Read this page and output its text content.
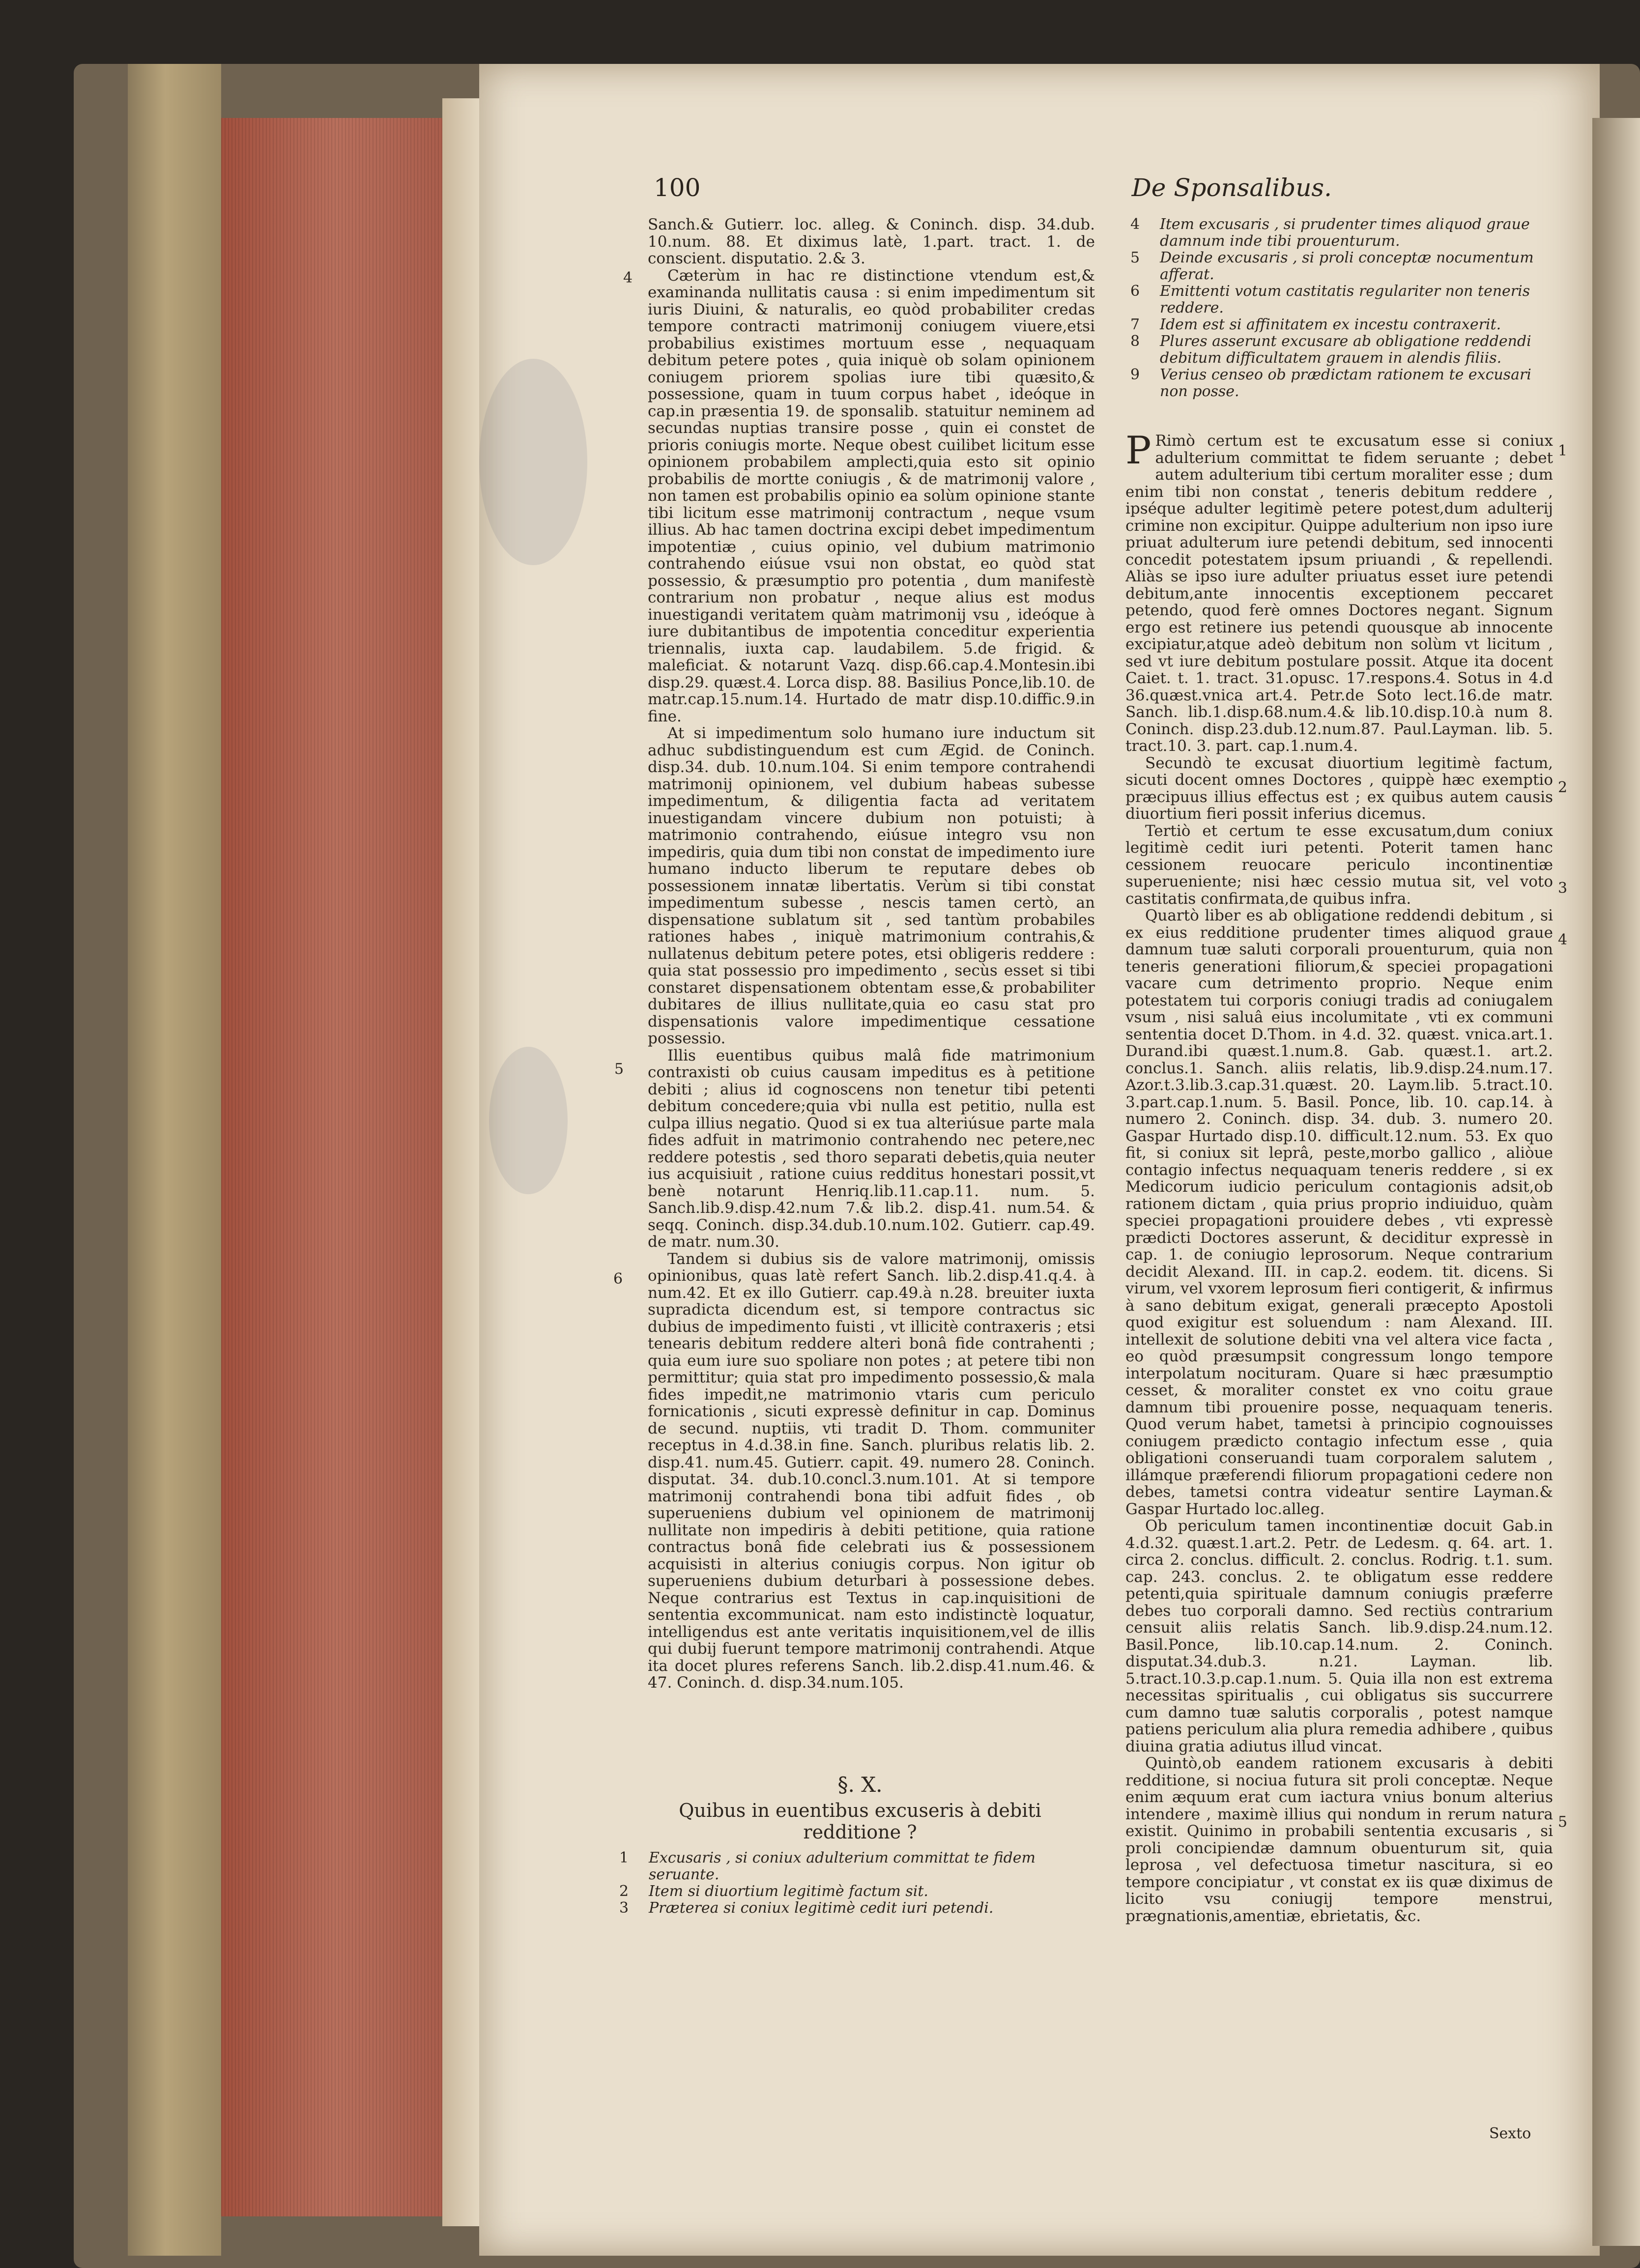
100	De Sponsalibus.

Sanch.& Gutierr. loc. alleg. & Coninch. disp. 34.dub. 10.num. 88. Et diximus latè, 1.part. tract. 1. de conscient. disputatio. 2.& 3.

Cæterùm in hac re distinctione vtendum est,& examinanda nullitatis causa : si enim impedimentum sit iuris Diuini, & naturalis, eo quòd probabiliter credas tempore contracti matrimonij coniugem viuere,etsi probabilius existimes mortuum esse , nequaquam debitum petere potes , quia iniquè ob solam opinionem coniugem priorem spolias iure tibi quæsito,& possessione, quam in tuum corpus habet , ideóque in cap.in præsentia 19. de sponsalib. statuitur neminem ad secundas nuptias transire posse , quin ei constet de prioris coniugis morte. Neque obest cuilibet licitum esse opinionem probabilem amplecti,quia esto sit opinio probabilis de mortte coniugis , & de matrimonij valore , non tamen est probabilis opinio ea solùm opinione stante tibi licitum esse matrimonij contractum , neque vsum illius. Ab hac tamen doctrina excipi debet impedimentum impotentiæ , cuius opinio, vel dubium matrimonio contrahendo eiúsue vsui non obstat, eo quòd stat possessio, & præsumptio pro potentia , dum manifestè contrarium non probatur , neque alius est modus inuestigandi veritatem quàm matrimonij vsu , ideóque à iure dubitantibus de impotentia conceditur experientia triennalis, iuxta cap. laudabilem. 5.de frigid. & maleficiat. & notarunt Vazq. disp.66.cap.4.Montesin.ibi disp.29. quæst.4. Lorca disp. 88. Basilius Ponce,lib.10. de matr.cap.15.num.14. Hurtado de matr disp.10.diffic.9.in fine.

At si impedimentum solo humano iure inductum sit adhuc subdistinguendum est cum Ægid. de Coninch. disp.34. dub. 10.num.104. Si enim tempore contrahendi matrimonij opinionem, vel dubium habeas subesse impedimentum, & diligentia facta ad veritatem inuestigandam vincere dubium non potuisti; à matrimonio contrahendo, eiúsue integro vsu non impediris, quia dum tibi non constat de impedimento iure humano inducto liberum te reputare debes ob possessionem innatæ libertatis. Verùm si tibi constat impedimentum subesse , nescis tamen certò, an dispensatione sublatum sit , sed tantùm probabiles rationes habes , iniquè matrimonium contrahis,& nullatenus debitum petere potes, etsi obligeris reddere : quia stat possessio pro impedimento , secùs esset si tibi constaret dispensationem obtentam esse,& probabiliter dubitares de illius nullitate,quia eo casu stat pro dispensationis valore impedimentique cessatione possessio.

Illis euentibus quibus malâ fide matrimonium contraxisti ob cuius causam impeditus es à petitione debiti ; alius id cognoscens non tenetur tibi petenti debitum concedere;quia vbi nulla est petitio, nulla est culpa illius negatio. Quod si ex tua alteriúsue parte mala fides adfuit in matrimonio contrahendo nec petere,nec reddere potestis , sed thoro separati debetis,quia neuter ius acquisiuit , ratione cuius redditus honestari possit,vt benè notarunt Henriq.lib.11.cap.11. num. 5. Sanch.lib.9.disp.42.num 7.& lib.2. disp.41. num.54. & seqq. Coninch. disp.34.dub.10.num.102. Gutierr. cap.49. de matr. num.30.

Tandem si dubius sis de valore matrimonij, omissis opinionibus, quas latè refert Sanch. lib.2.disp.41.q.4. à num.42. Et ex illo Gutierr. cap.49.à n.28. breuiter iuxta supradicta dicendum est, si tempore contractus sic dubius de impedimento fuisti , vt illicitè contraxeris ; etsi tenearis debitum reddere alteri bonâ fide contrahenti ; quia eum iure suo spoliare non potes ; at petere tibi non permittitur; quia stat pro impedimento possessio,& mala fides impedit,ne matrimonio vtaris cum periculo fornicationis , sicuti expressè definitur in cap. Dominus de secund. nuptiis, vti tradit D. Thom. communiter receptus in 4.d.38.in fine. Sanch. pluribus relatis lib. 2. disp.41. num.45. Gutierr. capit. 49. numero 28. Coninch. disputat. 34. dub.10.concl.3.num.101. At si tempore matrimonij contrahendi bona tibi adfuit fides , ob superueniens dubium vel opinionem de matrimonij nullitate non impediris à debiti petitione, quia ratione contractus bonâ fide celebrati ius & possessionem acquisisti in alterius coniugis corpus. Non igitur ob superueniens dubium deturbari à possessione debes. Neque contrarius est Textus in cap.inquisitioni de sententia excommunicat. nam esto indistinctè loquatur, intelligendus est ante veritatis inquisitionem,vel de illis qui dubij fuerunt tempore matrimonij contrahendi. Atque ita docet plures referens Sanch. lib.2.disp.41.num.46. & 47. Coninch. d. disp.34.num.105.

4
5
6
§. X.
Quibus in euentibus excuseris à debiti
redditione ?
1	Excusaris , si coniux adulterium committat te fidem seruante.
2	Item si diuortium legitimè factum sit.
3	Præterea si coniux legitimè cedit iuri petendi.
4	Item excusaris , si prudenter times aliquod graue damnum inde tibi prouenturum.
5	Deinde excusaris , si proli conceptæ nocumentum afferat.
6	Emittenti votum castitatis regulariter non teneris reddere.
7	Idem est si affinitatem ex incestu contraxerit.
8	Plures asserunt excusare ab obligatione reddendi debitum difficultatem grauem in alendis filiis.
9	Verius censeo ob prædictam rationem te excusari non posse.

P Rimò certum est te excusatum esse si coniux adulterium committat te fidem seruante ; debet autem adulterium tibi certum moraliter esse ; dum enim tibi non constat , teneris debitum reddere , ipséque adulter legitimè petere potest,dum adulterij crimine non excipitur. Quippe adulterium non ipso iure priuat adulterum iure petendi debitum, sed innocenti concedit potestatem ipsum priuandi , & repellendi. Aliàs se ipso iure adulter priuatus esset iure petendi debitum,ante innocentis exceptionem peccaret petendo, quod ferè omnes Doctores negant. Signum ergo est retinere ius petendi quousque ab innocente excipiatur,atque adeò debitum non solùm vt licitum , sed vt iure debitum postulare possit. Atque ita docent Caiet. t. 1. tract. 31.opusc. 17.respons.4. Sotus in 4.d 36.quæst.vnica art.4. Petr.de Soto lect.16.de matr. Sanch. lib.1.disp.68.num.4.& lib.10.disp.10.à num 8. Coninch. disp.23.dub.12.num.87. Paul.Layman. lib. 5. tract.10. 3. part. cap.1.num.4.

Secundò te excusat diuortium legitimè factum, sicuti docent omnes Doctores , quippè hæc exemptio præcipuus illius effectus est ; ex quibus autem causis diuortium fieri possit inferius dicemus.

Tertiò et certum te esse excusatum,dum coniux legitimè cedit iuri petenti. Poterit tamen hanc cessionem reuocare periculo incontinentiæ superueniente; nisi hæc cessio mutua sit, vel voto castitatis confirmata,de quibus infra.

Quartò liber es ab obligatione reddendi debitum , si ex eius redditione prudenter times aliquod graue damnum tuæ saluti corporali prouenturum, quia non teneris generationi filiorum,& speciei propagationi vacare cum detrimento proprio. Neque enim potestatem tui corporis coniugi tradis ad coniugalem vsum , nisi saluâ eius incolumitate , vti ex communi sententia docet D.Thom. in 4.d. 32. quæst. vnica.art.1. Durand.ibi quæst.1.num.8. Gab. quæst.1. art.2. conclus.1. Sanch. aliis relatis, lib.9.disp.24.num.17. Azor.t.3.lib.3.cap.31.quæst. 20. Laym.lib. 5.tract.10. 3.part.cap.1.num. 5. Basil. Ponce, lib. 10. cap.14. à numero 2. Coninch. disp. 34. dub. 3. numero 20. Gaspar Hurtado disp.10. difficult.12.num. 53. Ex quo fit, si coniux sit leprâ, peste,morbo gallico , aliòue contagio infectus nequaquam teneris reddere , si ex Medicorum iudicio periculum contagionis adsit,ob rationem dictam , quia prius proprio indiuiduo, quàm speciei propagationi prouidere debes , vti expressè prædicti Doctores asserunt, & deciditur expressè in cap. 1. de coniugio leprosorum. Neque contrarium decidit Alexand. III. in cap.2. eodem. tit. dicens. Si virum, vel vxorem leprosum fieri contigerit, & infirmus à sano debitum exigat, generali præcepto Apostoli quod exigitur est soluendum : nam Alexand. III. intellexit de solutione debiti vna vel altera vice facta , eo quòd præsumpsit congressum longo tempore interpolatum nocituram. Quare si hæc præsumptio cesset, & moraliter constet ex vno coitu graue damnum tibi prouenire posse, nequaquam teneris. Quod verum habet, tametsi à principio cognouisses coniugem prædicto contagio infectum esse , quia obligationi conseruandi tuam corporalem salutem , illámque præferendi filiorum propagationi cedere non debes, tametsi contra videatur sentire Layman.& Gaspar Hurtado loc.alleg.

Ob periculum tamen incontinentiæ docuit Gab.in 4.d.32. quæst.1.art.2. Petr. de Ledesm. q. 64. art. 1. circa 2. conclus. difficult. 2. conclus. Rodrig. t.1. sum. cap. 243. conclus. 2. te obligatum esse reddere petenti,quia spirituale damnum coniugis præferre debes tuo corporali damno. Sed rectiùs contrarium censuit aliis relatis Sanch. lib.9.disp.24.num.12. Basil.Ponce, lib.10.cap.14.num. 2. Coninch. disputat.34.dub.3. n.21. Layman. lib. 5.tract.10.3.p.cap.1.num. 5. Quia illa non est extrema necessitas spiritualis , cui obligatus sis succurrere cum damno tuæ salutis corporalis , potest namque patiens periculum alia plura remedia adhibere , quibus diuina gratia adiutus illud vincat.

Quintò,ob eandem rationem excusaris à debiti redditione, si nociua futura sit proli conceptæ. Neque enim æquum erat cum iactura vnius bonum alterius intendere , maximè illius qui nondum in rerum natura existit. Quinimo in probabili sententia excusaris , si proli concipiendæ damnum obuenturum sit, quia leprosa , vel defectuosa timetur nascitura, si eo tempore concipiatur , vt constat ex iis quæ diximus de licito vsu coniugij tempore menstrui, prægnationis,amentiæ, ebrietatis, &c.

1
2
3
4
5
Sexto
